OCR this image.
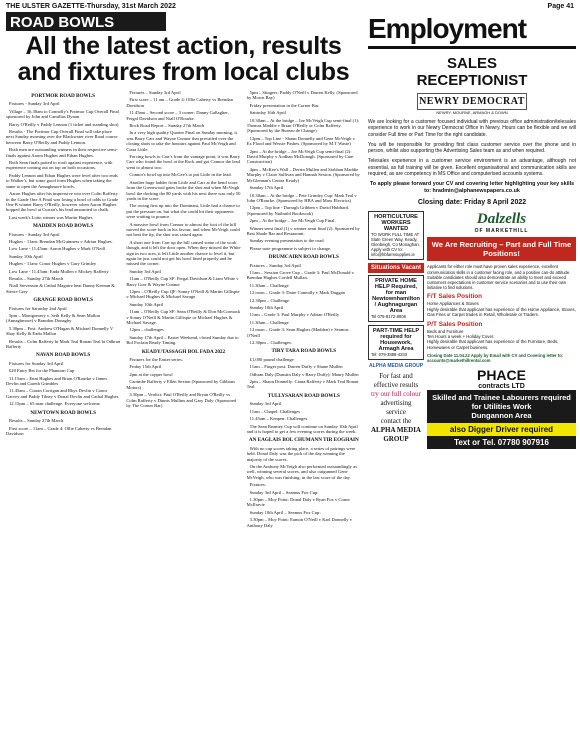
THE ULSTER GAZETTE-Thursday, 31st March 2022	Page 41
ROAD BOWLS
All the latest action, results and fixtures from local clubs
PORTMOR ROAD BOWLS

Fixtures - Sunday 3rd April

Village – 16.30am to Connolly's Portmor Cup Overall Final sponsored by John and Camillus Dynan

Barry O'Reilly v Paddy Lennon (1 ticket and standing shot)

Results - The Portmor Cup Overall Final will take place next Sunday morning over the Blackwater river Road course between Barry O'Reilly and Paddy Lennon.

Both men are outstanding winners in their respective semi-finals against Aaron Hughes and Ethan Hughes.

Both Sean finals potted to rooft against experience, with experience coming out on top on both occasions.

Paddy Lennon and Ethan Hughes were level after two ends to Walker's, but some good form Hughes when taking the same to open the Annaghmore bowls.

Aaron Hughes after his impressive win over Colin Rafferty in the Grade One A Final was losing a bowl of odds to Grade One B winner Barry O'Reilly, however when Aaron Hughes hopped the bowl at Curran's his lead amounted to chalk.

Last week's Lotto winner was Martin Hughes

MADDEN ROAD BOWLS

Fixtures - Sunday 3rd April

Hughes - 11am: Brendan McGuinness v Adrian Hughes.

Low Lane - 11.45am: Aaron Hughes v Mark O'Neill

Sunday 10th April

Hughes - 11am: Conor Hughes v Gary Grimley

Low Lane - 11.45am: Enda Mullen v Mickey Rafferty

Results – Sunday 27th March

Niall Stevenson & Cathal Maguire beat Danny Keenan & Stevie Grey

GRANGE ROAD BOWLS

Fixtures for Saturday 2nd April

5pm – Montgomery v. Seth Kelly & Sean Mallon (Annaghmore) v Brandon Donaghy

5.30pm – Post: Andrew O'Hagan & Michael Donnelly V Shay Kelly & Eadu Mallon

Results – Colm Rafferty bt Mark Teal Ronan Teal bt Odhran Rafferty

NAVAN ROAD BOWLS

Fixtures for Sunday 3rd April

£20 Entry Bet for the Phantom Cup

11.15am – Enni Hughes and Brian O'Rourke v James Devlin and Gareth Grimbles

11.45am – Ciaran Corrigan and Rhys Devlin v Conor Garvey and Paddy Tilney v Donal Devlin and Cathal Hughes

12.15pm – 65 man challenge. Everyone welcome

NEWTOWN ROAD BOWLS

Results – Sunday 27th March

First score – 11am – Grade 4: Ollie Caherty vs Brendan Davidson

Fixtures – Sunday 3rd April

First score – 11 am – Grade 4: Ollie Caherty vs Brendan Davidson

11.45am – Second score – 3 corner: Danny Gallagher, Fergal Davidson and Niall O'Rourke.

Rock Road Report – Sunday 27th March

In a very high quality Quarter Final on Sunday morning, it was Barry Carr and Wayne Connor that prevailed over the closing shots to take the honours against Paul McVeigh and Ciara Little.

Forcing bowls to Carr's from the vantage point, it was Barry Carr who found the bowl at the Rock and got Connor the lead went to almost two.

Connor's bowl up into McGee's to put Little in the lead.

Another huge ladder from Little and Carr at the bend score from the Greenwood gates broke the shot and when McVeigh bowl the docking the 80 yards with his next there was only 50 yards in the score.

The owing first up into the Dominant, Little had a chance to put the pressure on, but what she could hit their opponents were waiting to pounce.

A massive bowl from Connor to almost the foot of the hill moved the score back in his favour, and when McVeigh could not beat the tip, the shot was raised again.

A short one from Carr up the hill caused some of the work though, and it left the door open. When they missed the White sign in two aces, it left Little another chance to level it, but again he just could not get his bowl lined properly and he missed the corner.

Sunday 3rd April

11am – O'Reilly Cup SF: Fergal Davidson & Liam White v Barry Gorr & Wayne Connor

12pm – O'Reilly Cup QF: Sonny O'Neill & Martin Gillispie v Michael Hughes & Michael Savage.

Sunday 10th April

11am – O'Reilly Cup SF: Sean O'Reilly & Don McCormack v Sonny O'Neill & Martin Gillispie or Michael Hughes & Michael Savage.

12pm – challenges

Sunday 17th April – Easter Weekend, closed Sunday due to Bol Foclain Ready Timing.

KEADY/TASSAGH BOL FADA 2022

Fixtures for the Easter series.

Friday 15th April

2pm at the copper bowl

Caoimhe Rafferty v Ellen Sexton (Sponsored by Gibbons Motors)

3.30pm – Verdict: Paul O'Reilly and Bryan O'Reilly vs Colm Rafferty v Dinnis Mullins and Gary Daly. (Sponsored by The Corner Bar)

5pm – Stingers: Paddy O'Neill v Darren Kelly. (Sponsored by Mown Bay)

Friday presentation in the Corner Bar.

Saturday 16th April

10.30am – At the bridge – Joe McVeigh Cup semi-final (1): Thomas Maddie v Brian O'Reilly or Colm Rafferty. (Sponsored by the Bureau de Change)

12pm – Top Line - Shaun Donnelly and Gene McVeigh v Ex Flood and Wessie Pashes. (Sponsored by M.T Waste)

2pm – At the bridge – Joe McVeigh Cup semi-final (2): David Murphy v Aodhan McDonagh. (Sponsored by Care Construction)

4pm – McKee's Wall – Derrin Mullen and Siobhan Maddie Murphy v Claire Sullivan and Hannah Sexton. (Sponsored by McGlennan's Centra Keady)

Sunday 17th April

10.30am – At the bridge – Pete Grimley Cup: Mark Teal v John O'Rourke. (Sponsored by HBA and Mass Electrics)

12pm – Top line - Darragh Gribben v David Hubbard. (Sponsored by Nutbuild Bookwork)

2pm – At the bridge – Joe McVeigh Cup Final.

Winner semi final (1) v winner semi final (2). Sponsored by Best Shade Bar and Restaurant.

Sunday evening presentation to the road.

Please note programme is subject to change.

DRUMCAIRN ROAD BOWLS

Fixtures – Sunday 3rd April

11am – Session Grove Cup – Grade 3: Paul McDonald v Brendan Hughes Cordell Mullan.

11.30am – Challenge

12 noon – Grade 3: Daire Connolly v Mark Duggan

12.30pm – Challenge

Sunday 10th April

11am – Grade 3: Paul Murphy v Adrian O'Reilly

11.30am – Challenge

12 noon – Grade 3: Sean Hughes (Madden) v Seamus O'Neill

12.30pm – Challenges.

TIRY TARA ROAD BOWLS

£1,000 pound challenge

11am – Finger post: Darren Duffy v Shane Mullen

Odhran Daly (Dunstin Daly v Barry Duffy): Maury Mullen

2pm – Shaun Donnelly: Ciana Rafferty v Mark Teal Ronan Teal

TULLYSARAN ROAD BOWLS

Sunday 3rd April

11am – Chapel: Challenges

11.45am – Kenpen: Challenges

The Sean Reamey Cup will continue on Sunday 10th April and it is hoped to get a few evening scores during the week.

AN EAGLAIS BOL CHUMANN TIR EOGHAIN

With no cup scores taking place, a series of pairings were held. Donal Daly was the pick of the day winning the majority of the scores.

On the Anthony McVeigh also performed outstandingly as well, winning several scores, and also outgunned Gene McVeigh, who was finishing, in the last score of the day.

Fixtures:

Sunday 3rd April – Seamus Fox Cup:

1.30pm – Moy Point: Donal Daly v Ryan Fox v Conor McIlravie

Sunday 10th April – Seamus Fox Cup:

3.30pm – Moy Point: Eamon O'Neill v Karl Donnelly v Anthony Daly

Employment
SALES
RECEPTIONIST
NEWRY DEMOCRAT
NEWRY, MOURNE, ARMAGH & DOWN

We are looking for a customer focused individual with previous office administration/telesales experience to work in our Newry Democrat Office in Newry. Hours can be flexible and we will consider Full time or Part Time for the right candidate.

You will be responsible for providing first class customer service over the phone and in person, whilst also supporting the Advertising Sales team as and when required.

Telesales experience in a customer service environment is an advantage, although not essential, as full training will be given. Excellent organisational and communication skills are required, as are competency in MS Office and computerised accounts systems.

To apply please forward your CV and covering letter highlighting your key skills to: hradmin@alphanewspapers.co.uk
Closing date: Friday 8 April 2022
HORTICULTURE WORKERS WANTED
TO WORK FULL TIME AT Slate Green Way, Keady, Glenbeigh, Co Monaghan.
Apply with CV to: info@hbfarmsupplies.ie
Situations Vacant
PRIVATE HOME HELP Required, for man Newtownhamilton / Aughnagurgan Area
Tel 075-8172-8006
PART-TIME HELP required for Housework, Armagh Area
Tel: 079-3888-4233
ALPHA MEDIA GROUP
For fast and
effective results
try our full colour
advertising
service
contact the
ALPHA MEDIA GROUP
Dalzells
OF MARKETHILL
We Are Recruiting – Part and Full Time Positions!
Applicants for either role must have proven sales experience, excellent communication skills in a customer facing role, and a positive can-do attitude. Suitable candidates should also demonstrate an ability to meet and exceed customers expectations in customer service scenarios and to use their own initiative to find solutions.
F/T Sales Position
Home Appliances & Stoves
Highly desirable that applicant has experience of the Home Appliance, Stoves, Gas Fires or Carpet trades in Retail, Wholesale or Traders.
P/T Sales Position
Beds and Furniture
Ten Hours a week + Holiday Cover.
Highly desirable that applicant has experience of the Furniture, Beds, Homewares or Carpet business.
Closing Date 11.04.22 Apply by Email with CV and Covering letter to: accounts@markethillrental.com
PHACE
contracts LTD
Skilled and Trainee Labourers required for Utilities Work
Dungannon Area
also Digger Driver required
Text or Tel. 07780 907916
